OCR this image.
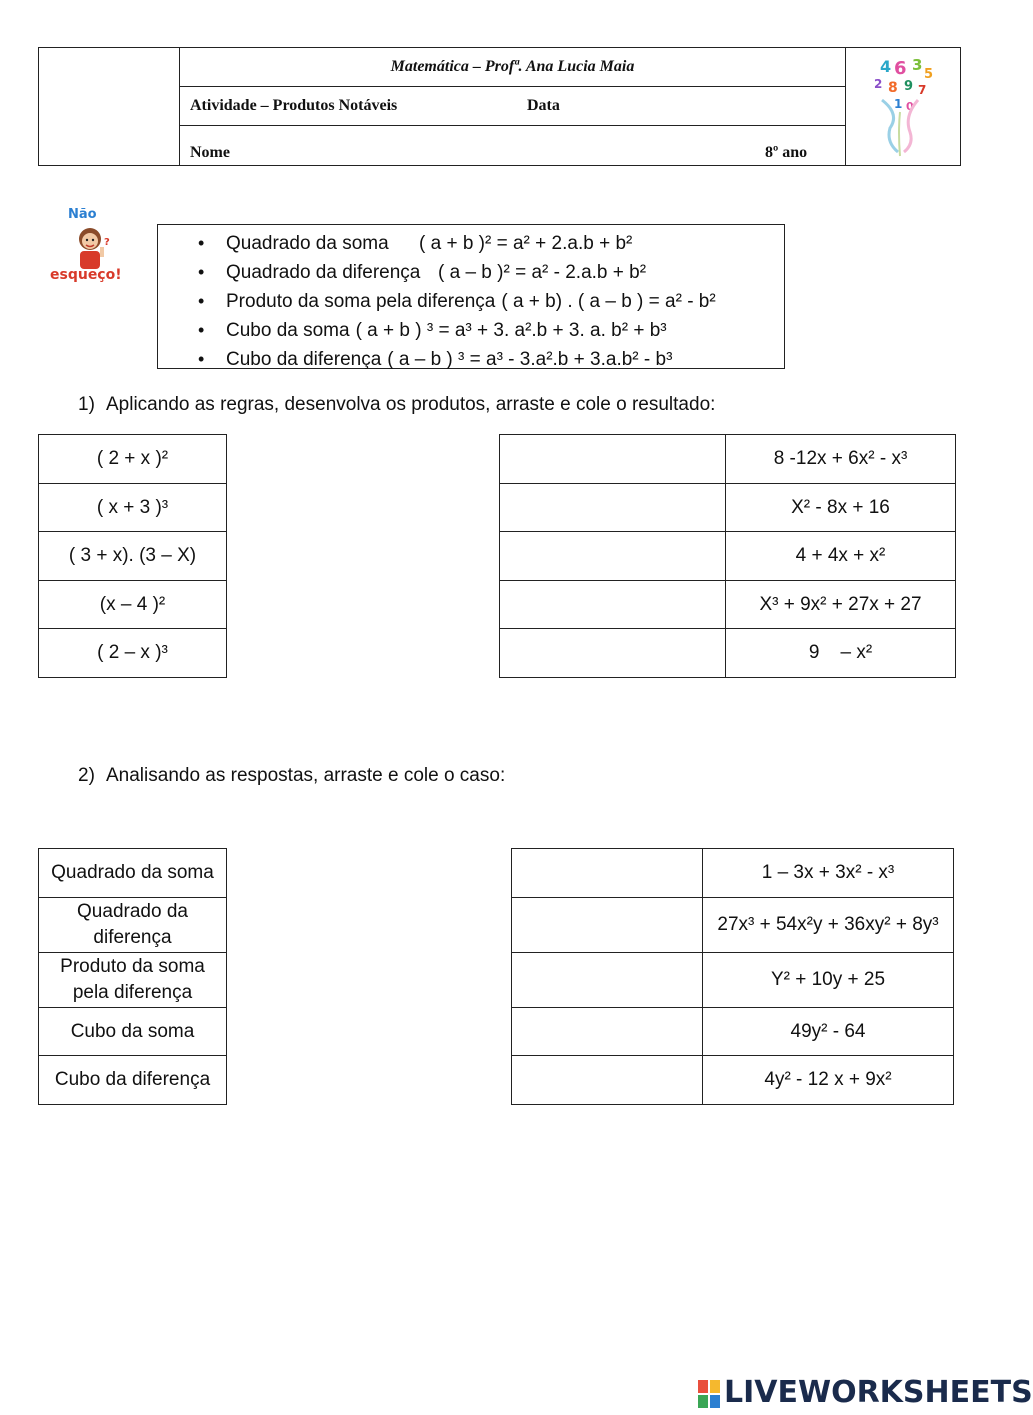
Matemática – Profª. Ana Lucia Maia
Atividade – Produtos Notáveis	Data
Nome	8º ano
4 6 3
5
2 8 9 7
1 0
Não
?
esqueço!
• Quadrado da soma ( a + b )² = a² + 2.a.b + b²
• Quadrado da diferença ( a – b )² = a² - 2.a.b + b²
• Produto da soma pela diferença ( a + b) . ( a – b ) = a² - b²
• Cubo da soma ( a + b ) ³ = a³ + 3. a².b + 3. a. b² + b³
• Cubo da diferença ( a – b ) ³ = a³ - 3.a².b + 3.a.b² - b³
1) Aplicando as regras, desenvolva os produtos, arraste e cole o resultado:
( 2 + x )²
( x + 3 )³
( 3 + x). (3 – X)
(x – 4 )²
( 2 – x )³
	8 -12x + 6x² - x³
	X² - 8x + 16
	4 + 4x + x²
	X³ + 9x² + 27x + 27
	9    – x²
2) Analisando as respostas, arraste e cole o caso:
Quadrado da soma
Quadrado da diferença
Produto da soma pela diferença
Cubo da soma
Cubo da diferença
	1 – 3x + 3x² - x³
	27x³ + 54x²y + 36xy² + 8y³
	Y² + 10y + 25
	49y² - 64
	4y² - 12 x + 9x²
LIVEWORKSHEETS
